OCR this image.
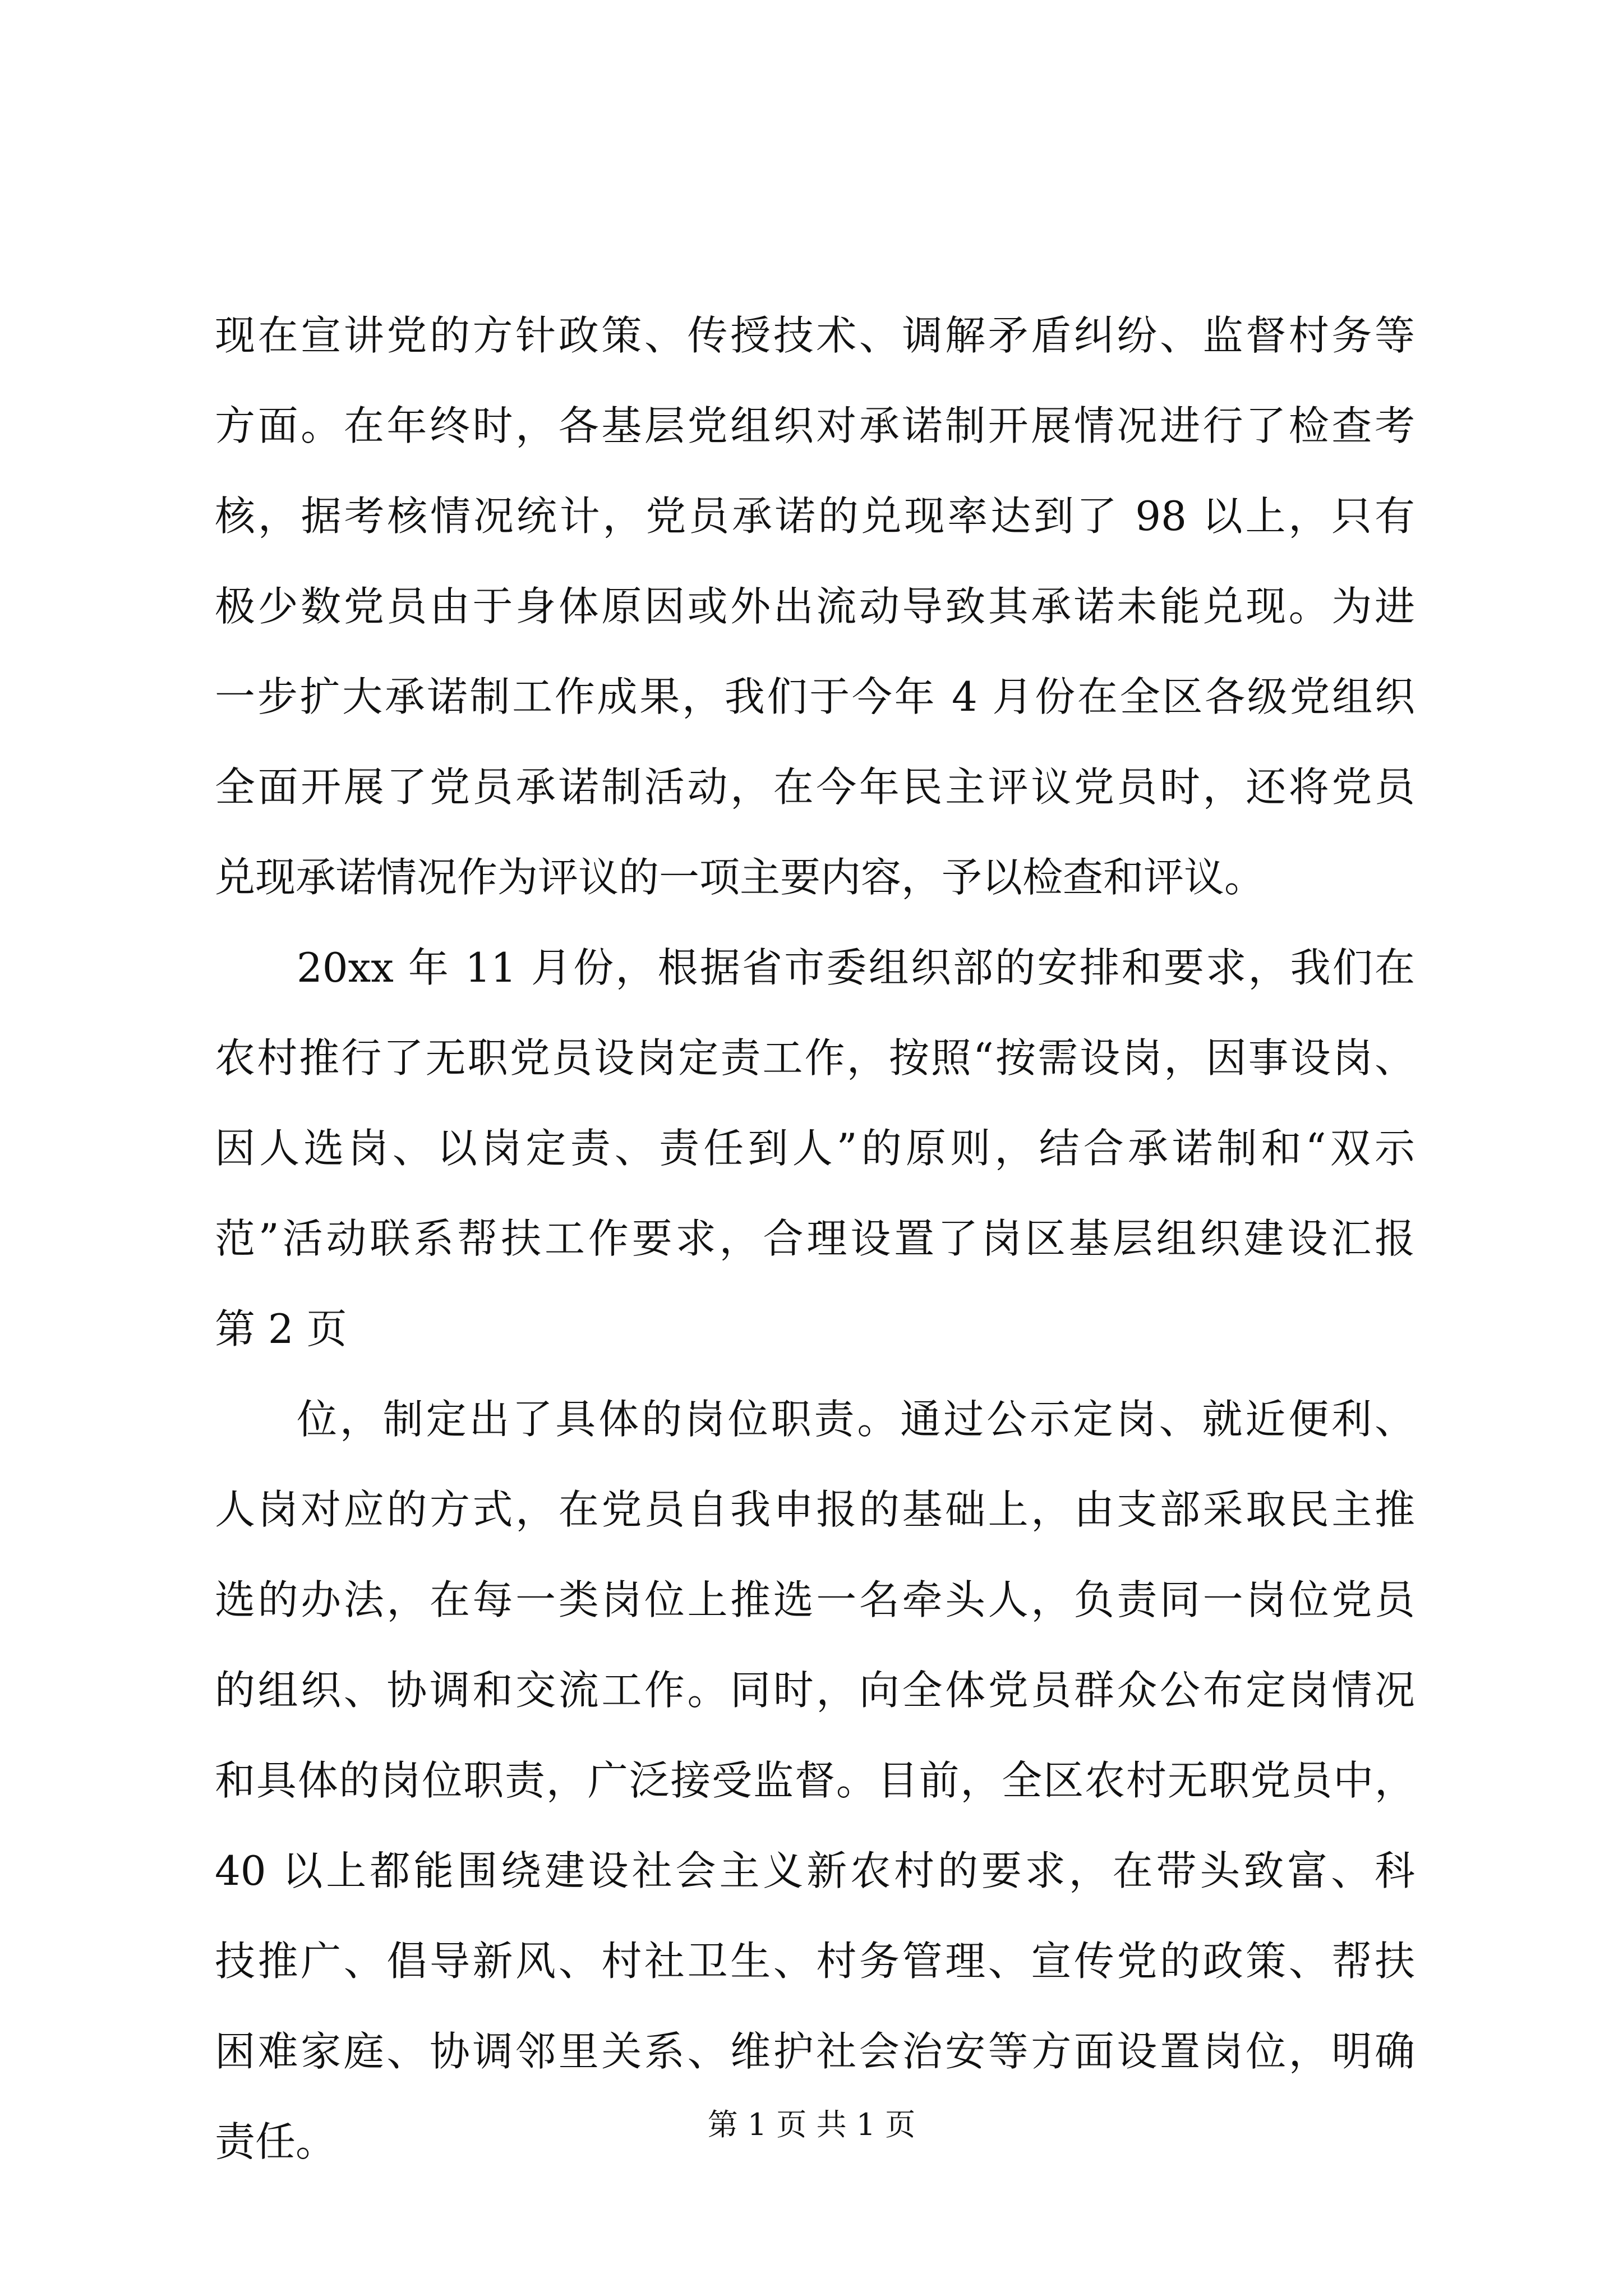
现在宣讲党的方针政策、传授技术、调解矛盾纠纷、监督村务等
方面。在年终时，各基层党组织对承诺制开展情况进行了检查考
核，据考核情况统计，党员承诺的兑现率达到了 98 以上，只有
极少数党员由于身体原因或外出流动导致其承诺未能兑现。为进
一步扩大承诺制工作成果，我们于今年 4 月份在全区各级党组织
全面开展了党员承诺制活动，在今年民主评议党员时，还将党员
兑现承诺情况作为评议的一项主要内容，予以检查和评议。
20xx 年 11 月份，根据省市委组织部的安排和要求，我们在
农村推行了无职党员设岗定责工作，按照“按需设岗，因事设岗、
因人选岗、以岗定责、责任到人”的原则，结合承诺制和“双示
范”活动联系帮扶工作要求，合理设置了岗区基层组织建设汇报
第 2 页
位，制定出了具体的岗位职责。通过公示定岗、就近便利、
人岗对应的方式，在党员自我申报的基础上，由支部采取民主推
选的办法，在每一类岗位上推选一名牵头人，负责同一岗位党员
的组织、协调和交流工作。同时，向全体党员群众公布定岗情况
和具体的岗位职责，广泛接受监督。目前，全区农村无职党员中，
40 以上都能围绕建设社会主义新农村的要求，在带头致富、科
技推广、倡导新风、村社卫生、村务管理、宣传党的政策、帮扶
困难家庭、协调邻里关系、维护社会治安等方面设置岗位，明确
责任。	第 1 页 共 1 页
